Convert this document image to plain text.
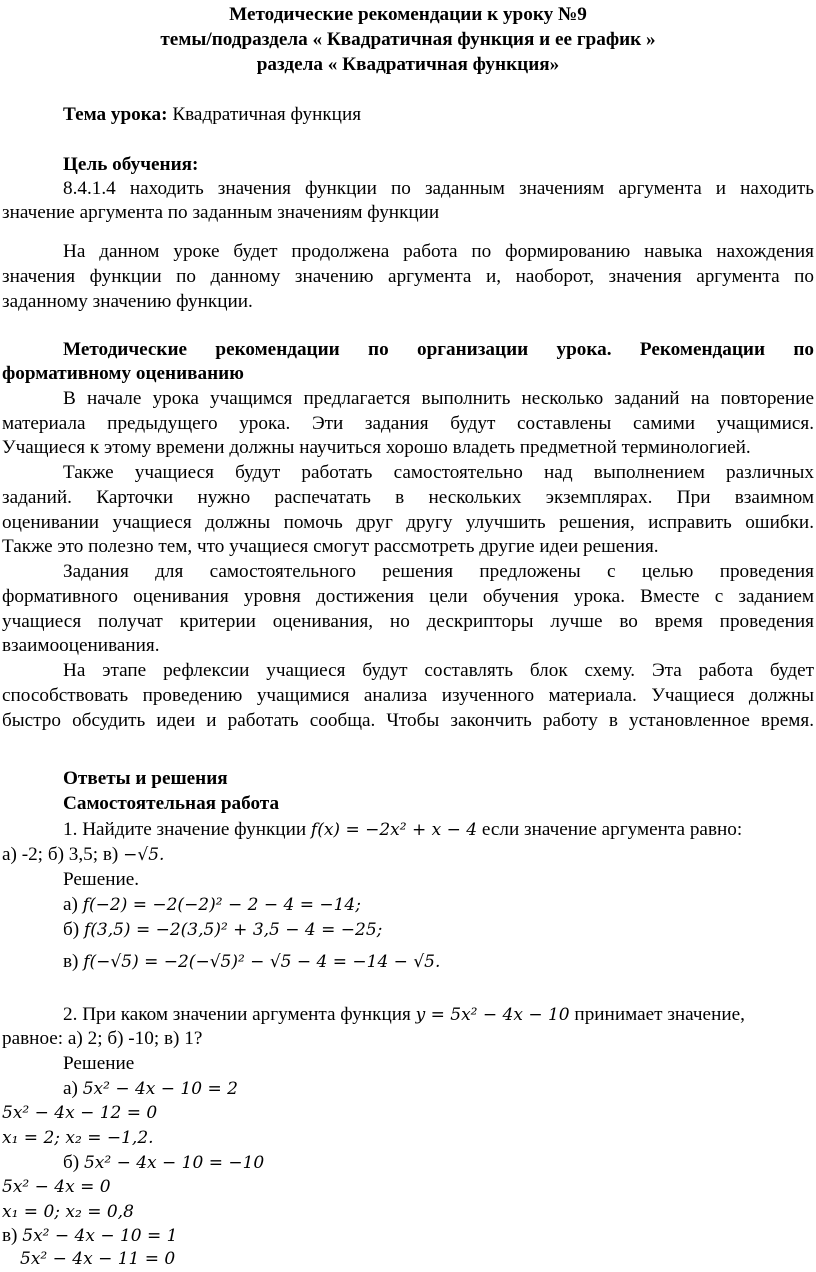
Методические рекомендации к уроку №9
темы/подраздела « Квадратичная функция и ее график »
раздела « Квадратичная функция»
Тема урока: Квадратичная функция
Цель обучения:
8.4.1.4 находить значения функции по заданным значениям аргумента и находить
значение аргумента по заданным значениям функции
На данном уроке будет продолжена работа по формированию навыка нахождения
значения функции по данному значению аргумента и, наоборот, значения аргумента по
заданному значению функции.
Методические рекомендации по организации урока. Рекомендации по
формативному оцениванию
В начале урока учащимся предлагается выполнить несколько заданий на повторение
материала предыдущего урока. Эти задания будут составлены самими учащимися.
Учащиеся к этому времени должны научиться хорошо владеть предметной терминологией.
Также учащиеся будут работать самостоятельно над выполнением различных
заданий. Карточки нужно распечатать в нескольких экземплярах. При взаимном
оценивании учащиеся должны помочь друг другу улучшить решения, исправить ошибки.
Также это полезно тем, что учащиеся смогут рассмотреть другие идеи решения.
Задания для самостоятельного решения предложены с целью проведения
формативного оценивания уровня достижения цели обучения урока. Вместе с заданием
учащиеся получат критерии оценивания, но дескрипторы лучше во время проведения
взаимооценивания.
На этапе рефлексии учащиеся будут составлять блок схему. Эта работа будет
способствовать проведению учащимися анализа изученного материала. Учащиеся должны
быстро обсудить идеи и работать сообща. Чтобы закончить работу в установленное время.
Ответы и решения
Самостоятельная работа
1. Найдите значение функции f(x) = −2x² + x − 4 если значение аргумента равно:
а) -2; б) 3,5; в) −√5.
Решение.
а) f(−2) = −2(−2)² − 2 − 4 = −14;
б) f(3,5) = −2(3,5)² + 3,5 − 4 = −25;
в) f(−√5) = −2(−√5)² − √5 − 4 = −14 − √5.
2. При каком значении аргумента функция y = 5x² − 4x − 10 принимает значение,
равное: а) 2; б) -10; в) 1?
Решение
а) 5x² − 4x − 10 = 2
5x² − 4x − 12 = 0
x₁ = 2; x₂ = −1,2.
б) 5x² − 4x − 10 = −10
5x² − 4x = 0
x₁ = 0; x₂ = 0,8
в) 5x² − 4x − 10 = 1
5x² − 4x − 11 = 0
